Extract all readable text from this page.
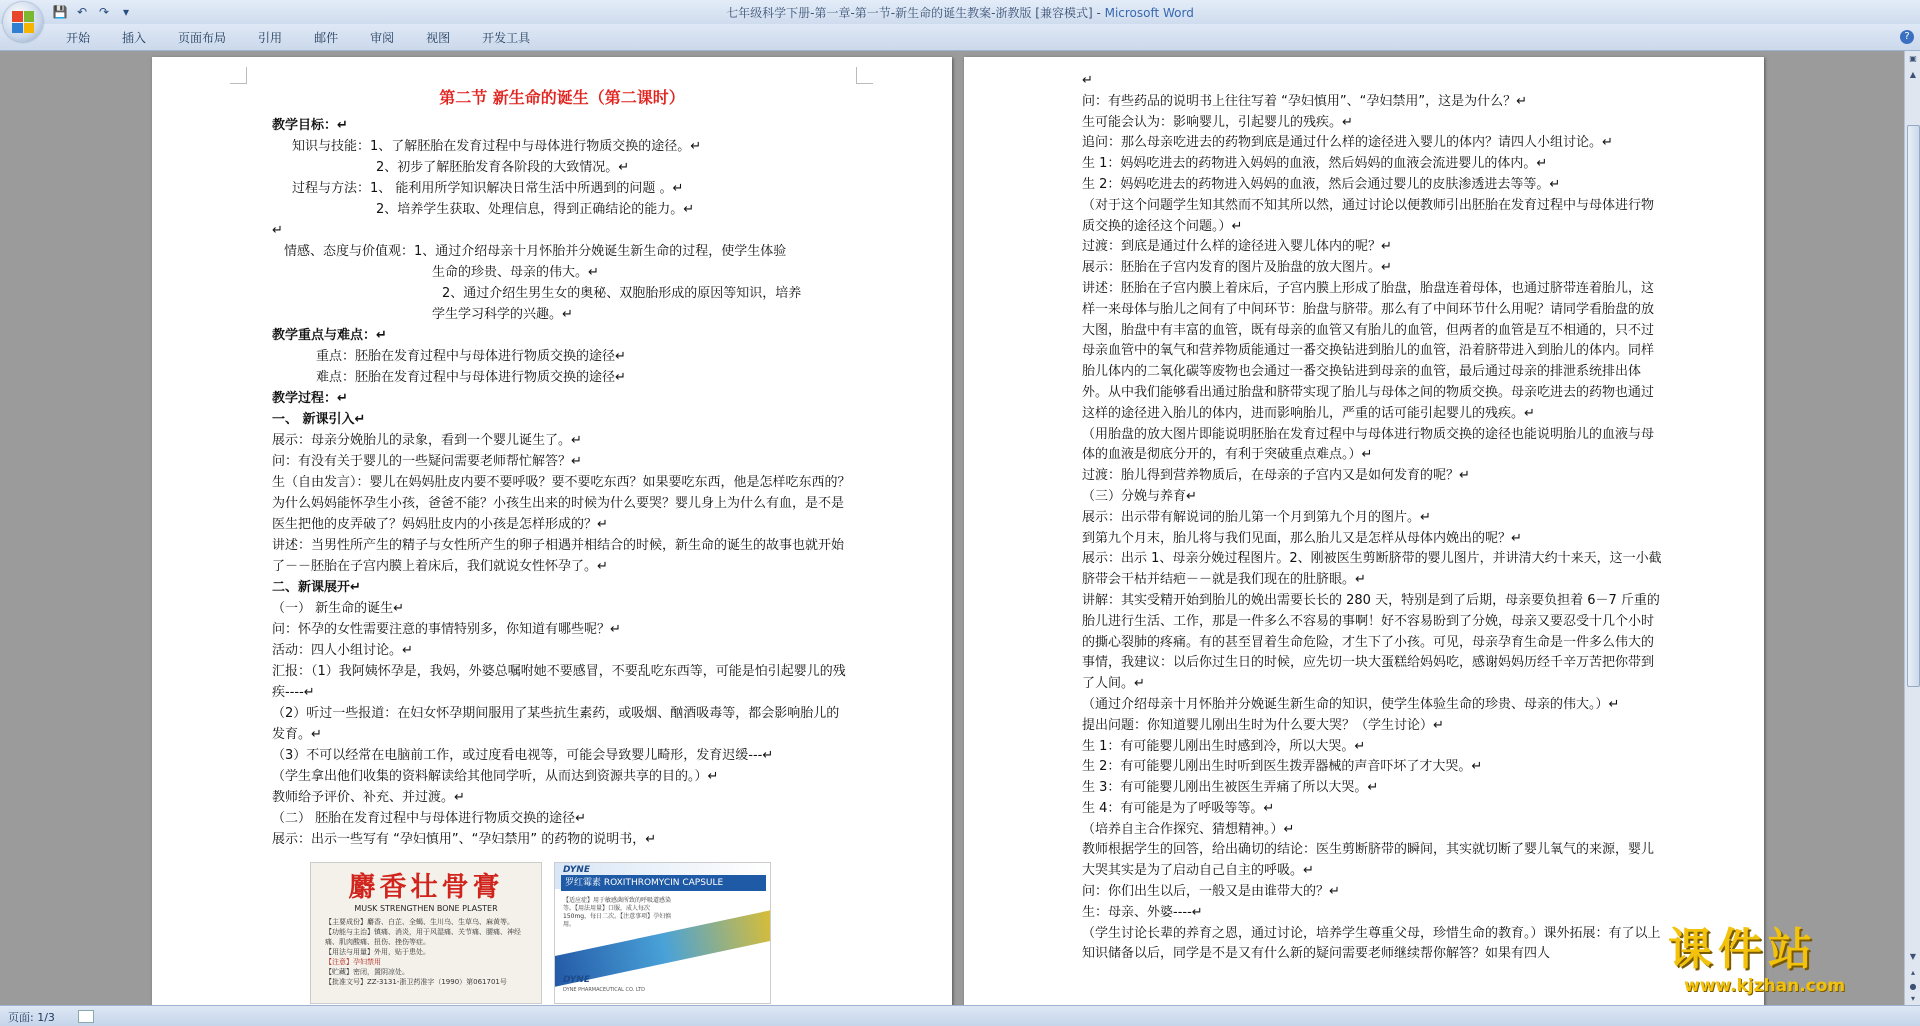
七年级科学下册-第一章-第一节-新生命的诞生教案-浙教版 [兼容模式] - Microsoft Word
💾 ↶ ↷	▾
开始	插入	页面布局	引用	邮件	审阅	视图	开发工具	?

第二节 新生命的诞生（第二课时）

教学目标：↵

知识与技能：1、了解胚胎在发育过程中与母体进行物质交换的途径。↵

2、初步了解胚胎发育各阶段的大致情况。↵

过程与方法：1、 能利用所学知识解决日常生活中所遇到的问题 。↵

2、培养学生获取、处理信息，得到正确结论的能力。↵

↵

情感、态度与价值观：1、通过介绍母亲十月怀胎并分娩诞生新生命的过程，使学生体验

生命的珍贵、母亲的伟大。↵

2、通过介绍生男生女的奥秘、双胞胎形成的原因等知识，培养

学生学习科学的兴趣。↵

教学重点与难点：↵

重点：胚胎在发育过程中与母体进行物质交换的途径↵

难点：胚胎在发育过程中与母体进行物质交换的途径↵

教学过程：↵

一、 新课引入↵

展示：母亲分娩胎儿的录象，看到一个婴儿诞生了。↵

问：有没有关于婴儿的一些疑问需要老师帮忙解答？↵

生（自由发言）：婴儿在妈妈肚皮内要不要呼吸？要不要吃东西？如果要吃东西，他是怎样吃东西的？为什么妈妈能怀孕生小孩，爸爸不能？小孩生出来的时候为什么要哭？婴儿身上为什么有血，是不是医生把他的皮弄破了？妈妈肚皮内的小孩是怎样形成的？↵

讲述：当男性所产生的精子与女性所产生的卵子相遇并相结合的时候，新生命的诞生的故事也就开始了－－胚胎在子宫内膜上着床后，我们就说女性怀孕了。↵

二、新课展开↵

（一） 新生命的诞生↵

问：怀孕的女性需要注意的事情特别多，你知道有哪些呢？↵

活动：四人小组讨论。↵

汇报：（1）我阿姨怀孕是，我妈，外婆总嘱咐她不要感冒，不要乱吃东西等，可能是怕引起婴儿的残疾----↵

（2）听过一些报道：在妇女怀孕期间服用了某些抗生素药，或吸烟、酗酒吸毒等，都会影响胎儿的发育。↵

（3）不可以经常在电脑前工作，或过度看电视等，可能会导致婴儿畸形，发育迟缓---↵

（学生拿出他们收集的资料解读给其他同学听，从而达到资源共享的目的。）↵

教师给予评价、补充、并过渡。↵

（二） 胚胎在发育过程中与母体进行物质交换的途径↵

展示：出示一些写有 “孕妇慎用”、“孕妇禁用” 的药物的说明书，↵

麝香壮骨膏
MUSK STRENGTHEN BONE PLASTER
【主要成份】麝香、白芷、全蝎、生川乌、生草乌、麻黄等。
【功能与主治】镇痛、消炎，用于风湿痛、关节痛、腰痛、神经痛、肌肉酸痛、扭伤、挫伤等症。
【用法与用量】外用，贴于患处。
【注意】孕妇禁用
【贮藏】密闭，置阴凉处。
【批准文号】ZZ-3131-浙卫药准字（1990）第061701号
DYNE
罗红霉素 ROXITHROMYCIN CAPSULE
【适应症】用于敏感菌所致的呼吸道感染等。【用法用量】口服，成人每次150mg，每日二次。【注意事项】孕妇慎用。
DYNE
DYNE PHARMACEUTICAL CO. LTD

↵

问：有些药品的说明书上往往写着 “孕妇慎用”、“孕妇禁用”，这是为什么？↵

生可能会认为：影响婴儿，引起婴儿的残疾。↵

追问：那么母亲吃进去的药物到底是通过什么样的途径进入婴儿的体内？请四人小组讨论。↵

生 1：妈妈吃进去的药物进入妈妈的血液，然后妈妈的血液会流进婴儿的体内。↵

生 2：妈妈吃进去的药物进入妈妈的血液，然后会通过婴儿的皮肤渗透进去等等。↵

（对于这个问题学生知其然而不知其所以然，通过讨论以便教师引出胚胎在发育过程中与母体进行物质交换的途径这个问题。）↵

过渡：到底是通过什么样的途径进入婴儿体内的呢？↵

展示：胚胎在子宫内发育的图片及胎盘的放大图片。↵

讲述：胚胎在子宫内膜上着床后，子宫内膜上形成了胎盘，胎盘连着母体，也通过脐带连着胎儿，这样一来母体与胎儿之间有了中间环节：胎盘与脐带。那么有了中间环节什么用呢？请同学看胎盘的放大图，胎盘中有丰富的血管，既有母亲的血管又有胎儿的血管，但两者的血管是互不相通的，只不过母亲血管中的氧气和营养物质能通过一番交换钻进到胎儿的血管，沿着脐带进入到胎儿的体内。同样胎儿体内的二氧化碳等废物也会通过一番交换钻进到母亲的血管，最后通过母亲的排泄系统排出体外。从中我们能够看出通过胎盘和脐带实现了胎儿与母体之间的物质交换。母亲吃进去的药物也通过这样的途径进入胎儿的体内，进而影响胎儿，严重的话可能引起婴儿的残疾。↵

（用胎盘的放大图片即能说明胚胎在发育过程中与母体进行物质交换的途径也能说明胎儿的血液与母体的血液是彻底分开的，有利于突破重点难点。）↵

过渡：胎儿得到营养物质后，在母亲的子宫内又是如何发育的呢？↵

（三）分娩与养育↵

展示：出示带有解说词的胎儿第一个月到第九个月的图片。↵

到第九个月末，胎儿将与我们见面，那么胎儿又是怎样从母体内娩出的呢？↵

展示：出示 1、母亲分娩过程图片。2、刚被医生剪断脐带的婴儿图片，并讲清大约十来天，这一小截脐带会干枯并结疤－－就是我们现在的肚脐眼。↵

讲解：其实受精开始到胎儿的娩出需要长长的 280 天，特别是到了后期，母亲要负担着 6－7 斤重的胎儿进行生活、工作，那是一件多么不容易的事啊！好不容易盼到了分娩，母亲又要忍受十几个小时的撕心裂肺的疼痛。有的甚至冒着生命危险，才生下了小孩。可见，母亲孕育生命是一件多么伟大的事情，我建议：以后你过生日的时候，应先切一块大蛋糕给妈妈吃，感谢妈妈历经千辛万苦把你带到了人间。↵

（通过介绍母亲十月怀胎并分娩诞生新生命的知识，使学生体验生命的珍贵、母亲的伟大。）↵

提出问题：你知道婴儿刚出生时为什么要大哭？（学生讨论）↵

生 1：有可能婴儿刚出生时感到冷，所以大哭。↵

生 2：有可能婴儿刚出生时听到医生拨弄器械的声音吓坏了才大哭。↵

生 3：有可能婴儿刚出生被医生弄痛了所以大哭。↵

生 4：有可能是为了呼吸等等。↵

（培养自主合作探究、猜想精神。）↵

教师根据学生的回答，给出确切的结论：医生剪断脐带的瞬间，其实就切断了婴儿氧气的来源，婴儿大哭其实是为了启动自己自主的呼吸。↵

问：你们出生以后，一般又是由谁带大的？↵

生：母亲、外婆----↵

（学生讨论长辈的养育之恩，通过讨论，培养学生尊重父母，珍惜生命的教育。）课外拓展：有了以上知识储备以后，同学是不是又有什么新的疑问需要老师继续帮你解答？如果有四人

▣
▲
▼
▴
●
▾
页面: 1/3
课件站
www.kjzhan.com
